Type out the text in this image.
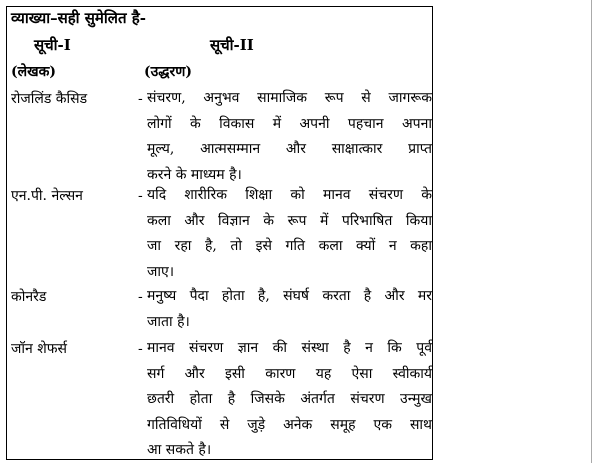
व्याख्या–सही सुमेलित है-
सूची-I	सूची-II
(लेखक)	(उद्धरण)
रोजलिंड कैसिड	- संचरण, अनुभव सामाजिक रूप से जागरूक
लोगों के विकास में अपनी पहचान अपना
मूल्य, आत्मसम्मान और साक्षात्कार प्राप्त
करने के माध्यम है।
एन.पी. नेल्सन	- यदि शारीरिक शिक्षा को मानव संचरण के
कला और विज्ञान के रूप में परिभाषित किया
जा रहा है, तो इसे गति कला क्यों न कहा
जाए।
कोनरैड	- मनुष्य पैदा होता है, संघर्ष करता है और मर
जाता है।
जॉन शेफर्स	- मानव संचरण ज्ञान की संस्था है न कि पूर्व
सर्ग और इसी कारण यह ऐसा स्वीकार्य
छतरी होता है जिसके अंतर्गत संचरण उन्मुख
गतिविधियों से जुड़े अनेक समूह एक साथ
आ सकते है।
